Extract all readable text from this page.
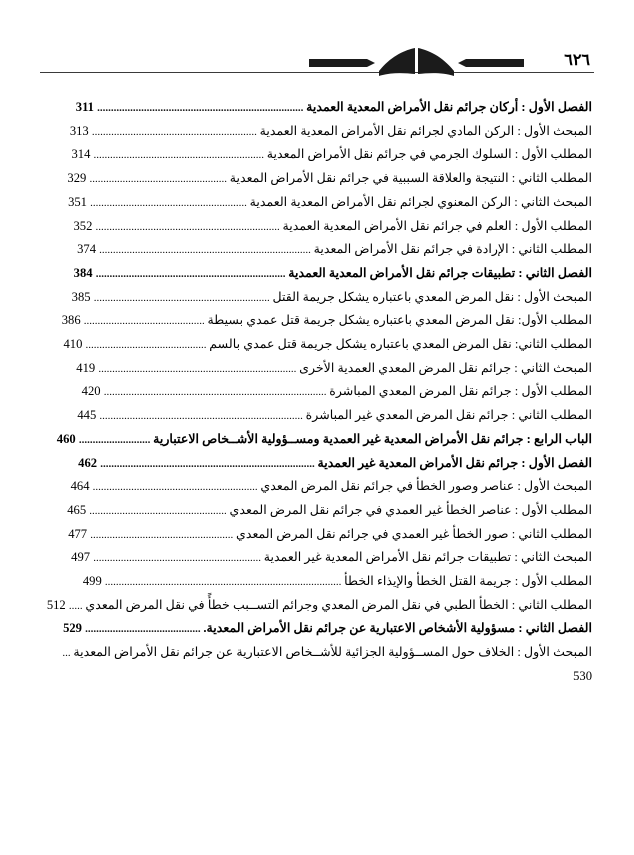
٦٢٦
الفصل الأول : أركان جرائم نقل الأمراض المعدية العمدية ........................................................................... 311
المبحث الأول : الركن المادي لجرائم نقل الأمراض المعدية العمدية ............................................................ 313
المطلب الأول : السلوك الجرمي في جرائم نقل الأمراض المعدية .............................................................. 314
المطلب الثاني : النتيجة والعلاقة السببية في جرائم نقل الأمراض المعدية .................................................. 329
المبحث الثاني : الركن المعنوي لجرائم نقل الأمراض المعدية العمدية ......................................................... 351
المطلب الأول : العلم في جرائم نقل الأمراض المعدية العمدية ................................................................... 352
المطلب الثاني : الإرادة في جرائم نقل الأمراض المعدية ............................................................................. 374
الفصل الثاني : تطبيقات جرائم نقل الأمراض المعدية العمدية ..................................................................... 384
المبحث الأول : نقل المرض المعدي باعتباره يشكل جريمة القتل ................................................................ 385
المطلب الأول: نقل المرض المعدي باعتباره يشكل جريمة قتل عمدي بسيطة ............................................ 386
المطلب الثاني: نقل المرض المعدي باعتباره يشكل جريمة قتل عمدي بالسم ............................................ 410
المبحث الثاني : جرائم نقل المرض المعدي العمدية الأخرى ........................................................................ 419
المطلب الأول : جرائم نقل المرض المعدي المباشرة ................................................................................. 420
المطلب الثاني : جرائم نقل المرض المعدي غير المباشرة .......................................................................... 445
الباب الرابع : جرائم نقل الأمراض المعدية غير العمدية ومســؤولية الأشــخاص الاعتبارية .......................... 460
الفصل الأول : جرائم نقل الأمراض المعدية غير العمدية .............................................................................. 462
المبحث الأول : عناصر وصور الخطأ في جرائم نقل المرض المعدي ............................................................ 464
المطلب الأول : عناصر الخطأ غير العمدي في جرائم نقل المرض المعدي .................................................. 465
المطلب الثاني : صور الخطأ غير العمدي في جرائم نقل المرض المعدي .................................................... 477
المبحث الثاني : تطبيقات جرائم نقل الأمراض المعدية غير العمدية ............................................................. 497
المطلب الأول : جريمة القتل الخطأ والإيذاء الخطأ ...................................................................................... 499
المطلب الثاني : الخطأ الطبي في نقل المرض المعدي وجرائم التســبب خطأً في نقل المرض المعدي ..... 512
الفصل الثاني : مسؤولية الأشخاص الاعتبارية عن جرائم نقل الأمراض المعدية. .......................................... 529
المبحث الأول : الخلاف حول المســؤولية الجزائية للأشــخاص الاعتبارية عن جرائم نقل الأمراض المعدية ... 530
